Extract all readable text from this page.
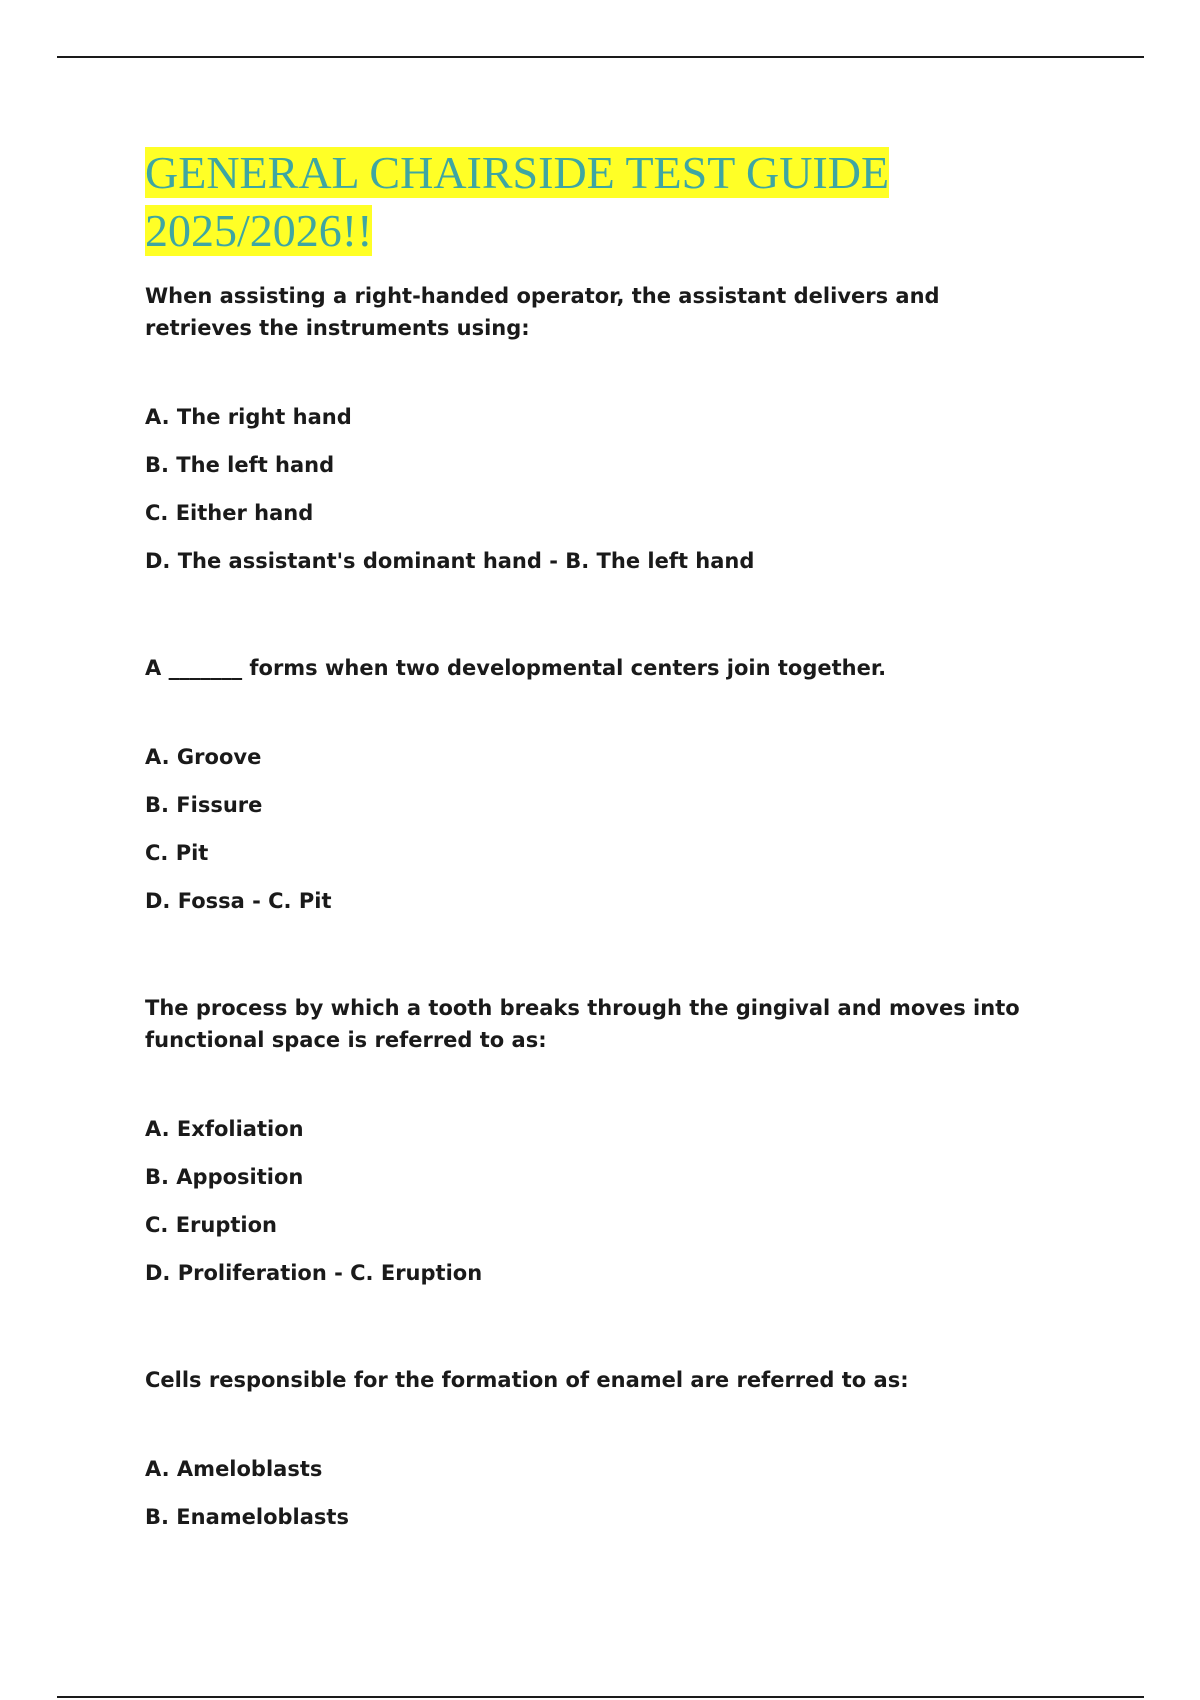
GENERAL CHAIRSIDE TEST GUIDE
2025/2026!!
When assisting a right-handed operator, the assistant delivers and retrieves the instruments using:
A. The right hand
B. The left hand
C. Either hand
D. The assistant's dominant hand - B. The left hand
A _______ forms when two developmental centers join together.
A. Groove
B. Fissure
C. Pit
D. Fossa - C. Pit
The process by which a tooth breaks through the gingival and moves into functional space is referred to as:
A. Exfoliation
B. Apposition
C. Eruption
D. Proliferation - C. Eruption
Cells responsible for the formation of enamel are referred to as:
A. Ameloblasts
B. Enameloblasts
